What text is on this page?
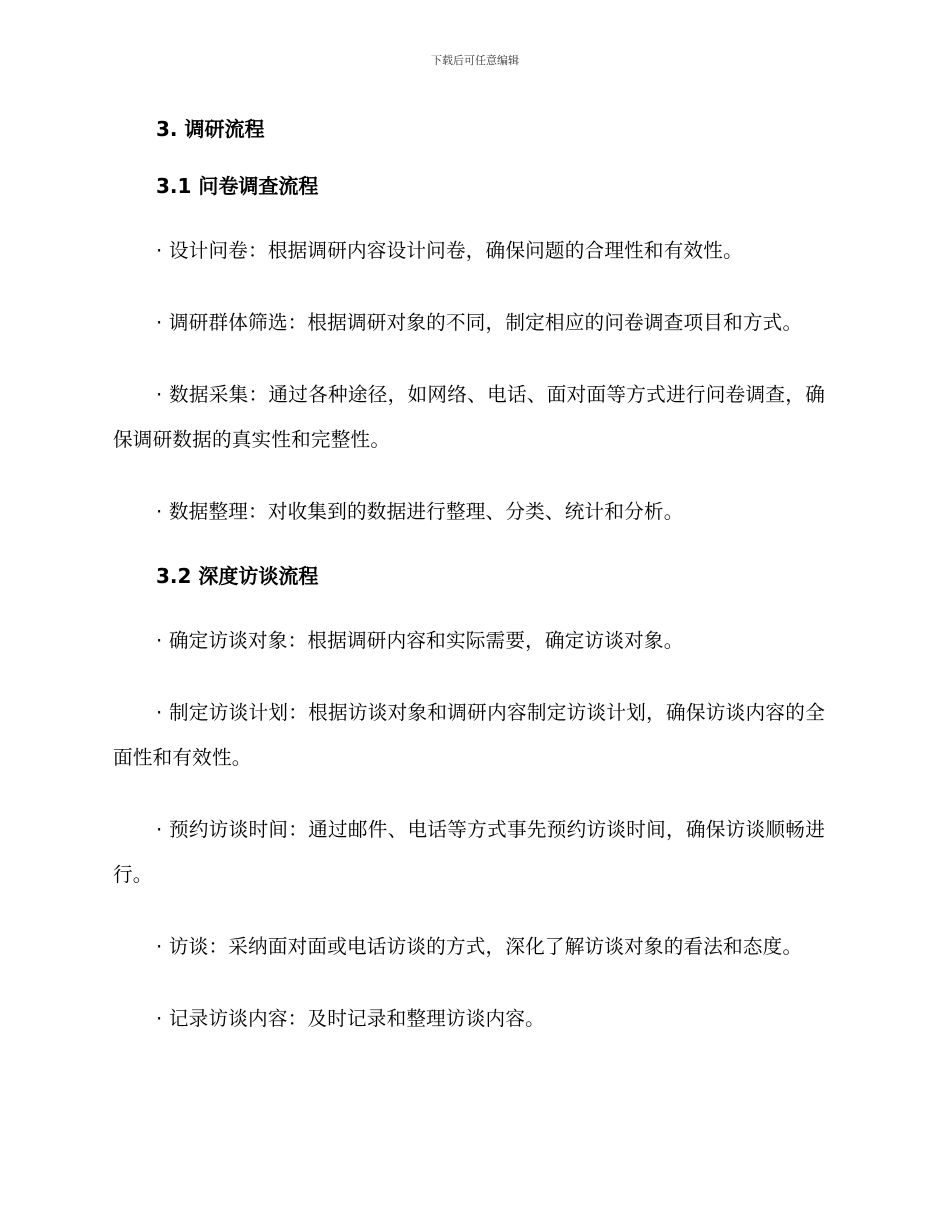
下载后可任意编辑
3. 调研流程
3.1 问卷调查流程

· 设计问卷：根据调研内容设计问卷，确保问题的合理性和有效性。

· 调研群体筛选：根据调研对象的不同，制定相应的问卷调查项目和方式。

· 数据采集：通过各种途径，如网络、电话、面对面等方式进行问卷调查，确保调研数据的真实性和完整性。

· 数据整理：对收集到的数据进行整理、分类、统计和分析。

3.2 深度访谈流程

· 确定访谈对象：根据调研内容和实际需要，确定访谈对象。

· 制定访谈计划：根据访谈对象和调研内容制定访谈计划，确保访谈内容的全面性和有效性。

· 预约访谈时间：通过邮件、电话等方式事先预约访谈时间，确保访谈顺畅进行。

· 访谈：采纳面对面或电话访谈的方式，深化了解访谈对象的看法和态度。

· 记录访谈内容：及时记录和整理访谈内容。
